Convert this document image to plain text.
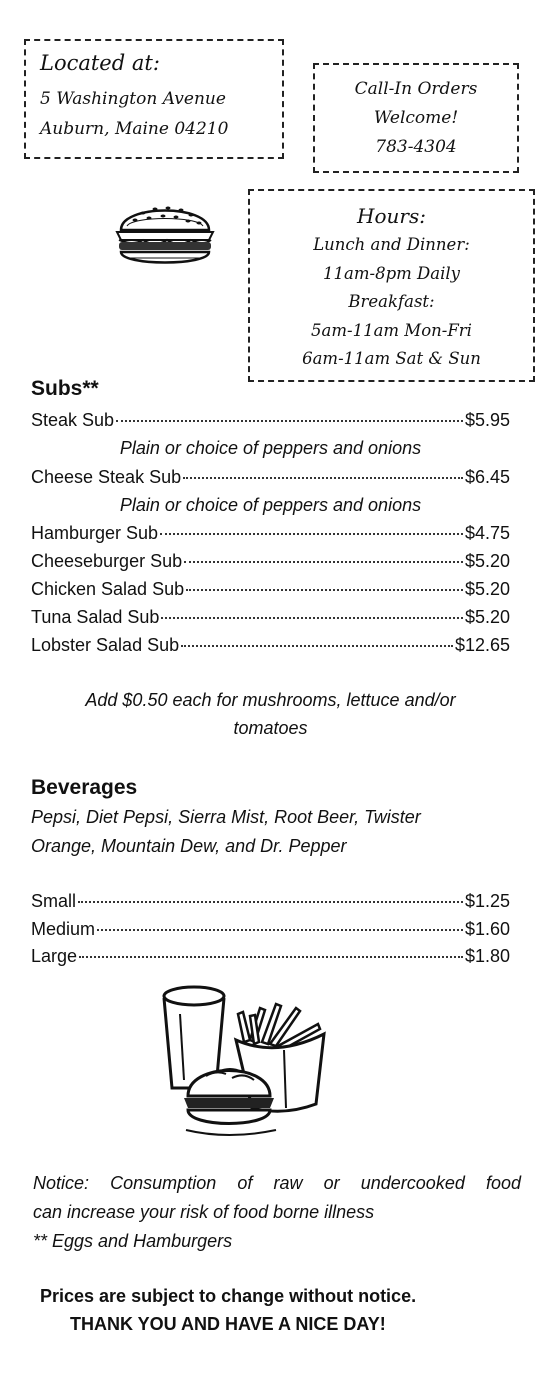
Located at:
5 Washington Avenue
Auburn, Maine 04210
Call-In Orders
Welcome!
783-4304
Hours:
Lunch and Dinner:
11am-8pm Daily
Breakfast:
5am-11am Mon-Fri
6am-11am Sat & Sun
Subs**
Steak Sub	$5.95
Plain or choice of peppers and onions
Cheese Steak Sub	$6.45
Plain or choice of peppers and onions
Hamburger Sub	$4.75
Cheeseburger Sub	$5.20
Chicken Salad Sub	$5.20
Tuna Salad Sub	$5.20
Lobster Salad Sub	$12.65
Add $0.50 each for mushrooms, lettuce and/or
tomatoes
Beverages
Pepsi, Diet Pepsi, Sierra Mist, Root Beer, Twister
Orange, Mountain Dew, and Dr. Pepper
Small	$1.25
Medium	$1.60
Large	$1.80
Notice: Consumption of raw or undercooked food
can increase your risk of food borne illness
** Eggs and Hamburgers
Prices are subject to change without notice.
THANK YOU AND HAVE A NICE DAY!
